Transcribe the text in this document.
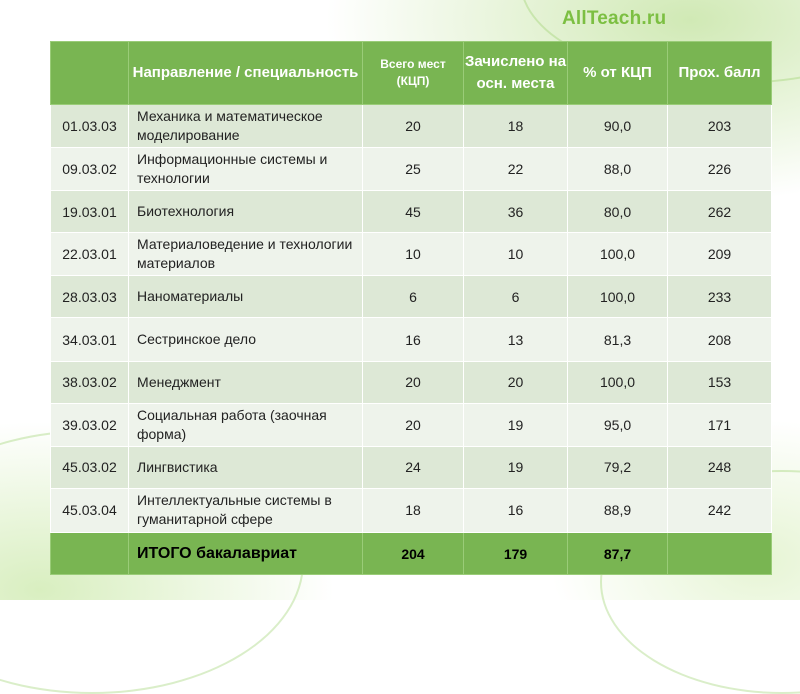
AllTeach.ru
	Направление / специальность	Всего мест (КЦП)	Зачислено на осн. места	% от КЦП	Прох. балл
01.03.03	Механика и математическое моделирование	20	18	90,0	203
09.03.02	Информационные системы и технологии	25	22	88,0	226
19.03.01	Биотехнология	45	36	80,0	262
22.03.01	Материаловедение и технологии материалов	10	10	100,0	209
28.03.03	Наноматериалы	6	6	100,0	233
34.03.01	Сестринское дело	16	13	81,3	208
38.03.02	Менеджмент	20	20	100,0	153
39.03.02	Социальная работа (заочная форма)	20	19	95,0	171
45.03.02	Лингвистика	24	19	79,2	248
45.03.04	Интеллектуальные системы в гуманитарной сфере	18	16	88,9	242
	ИТОГО бакалавриат	204	179	87,7	
